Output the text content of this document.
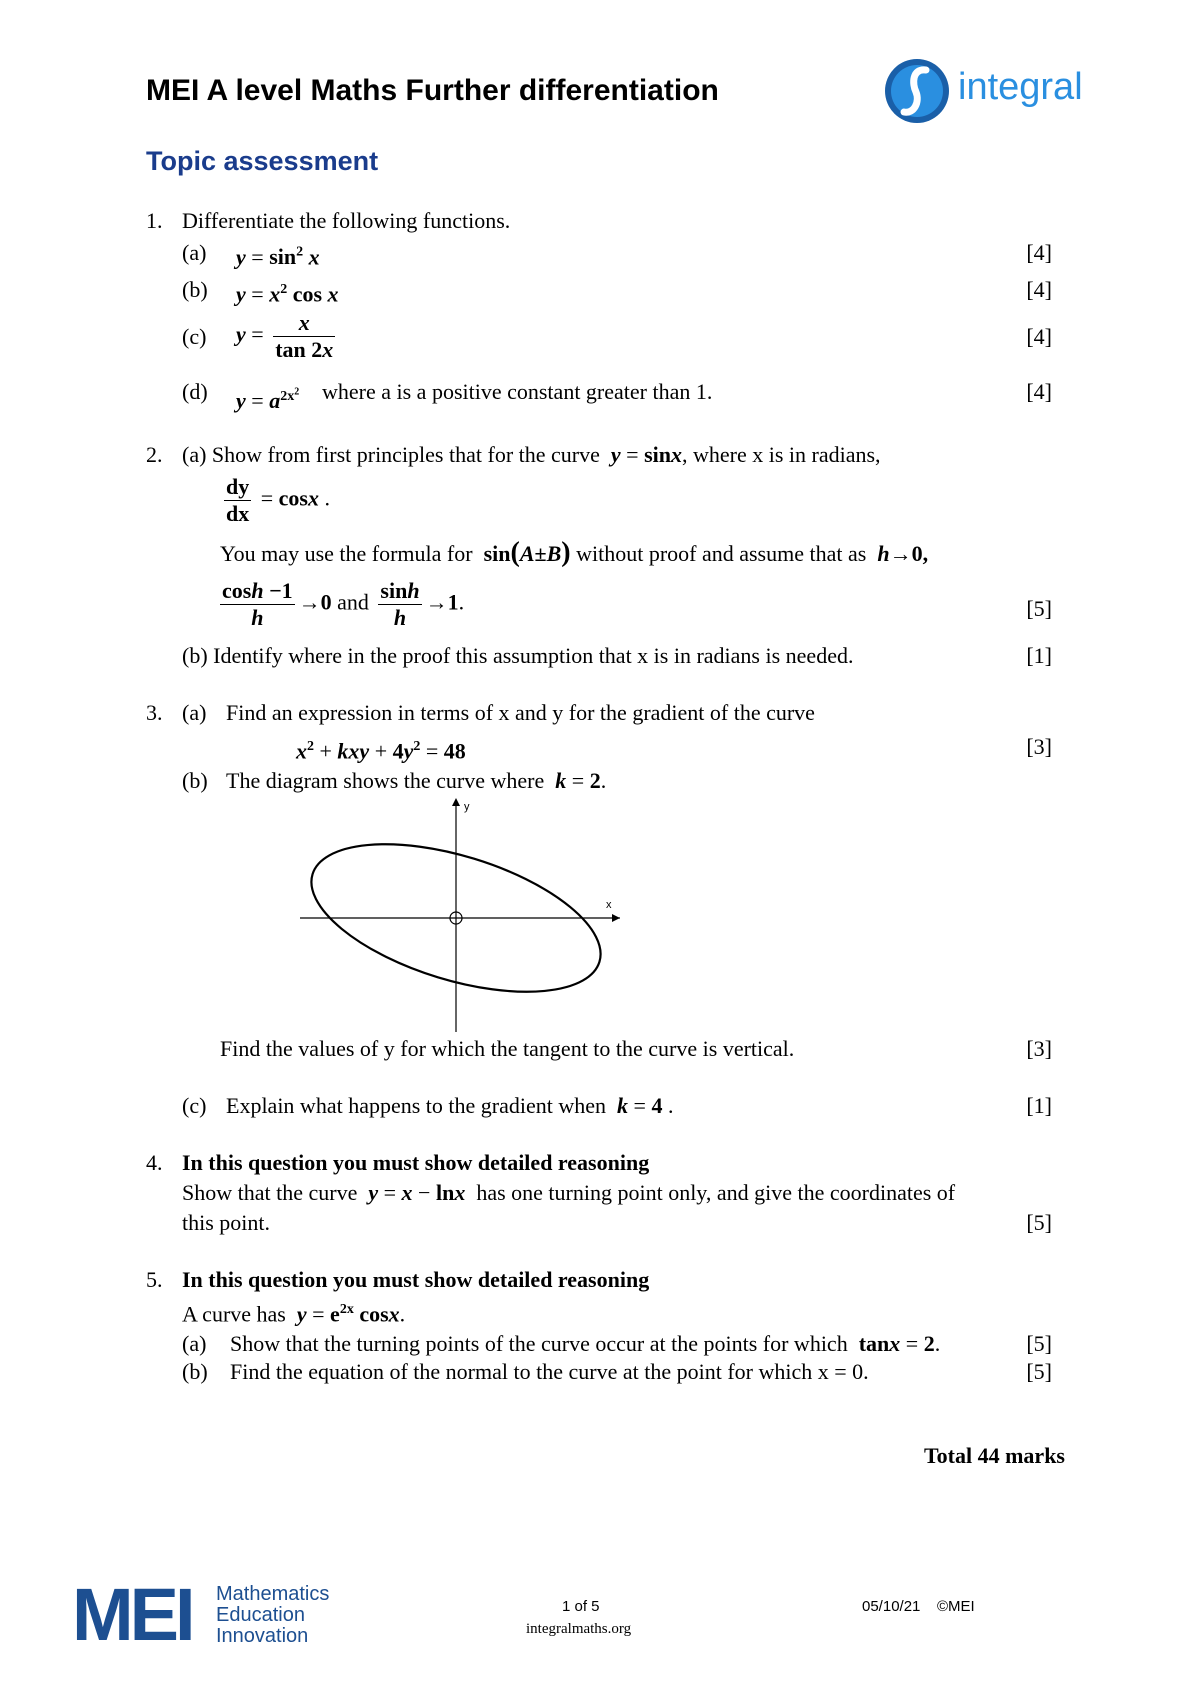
MEI A level Maths Further differentiation	integral
Topic assessment
1. Differentiate the following functions.
(a) $y = \sin^2 x$	[4]
(b) $y = x^2$ cos x	[4]
(c) $y = \frac{x}{\tan 2x}$	[4]
(d) $y = a^{2x^2}$ where a is a positive constant greater than 1.	[4]
2. (a) Show from first principles that for the curve y = sinx, where x is in radians,
$\frac{dy}{dx} = \cos x$ .
You may use the formula for sin(A±B) without proof and assume that as h→0,
$\frac{\cosh -1}{h} \to 0$ and $\frac{\sinh}{h} \to 1$.	[5]
(b) Identify where in the proof this assumption that x is in radians is needed.	[1]
3. (a) Find an expression in terms of x and y for the gradient of the curve
$x^2$ + kxy + $4y^2 = 48$	[3]
(b) The diagram shows the curve where k = 2.
y
x
Find the values of y for which the tangent to the curve is vertical.	[3]
(c) Explain what happens to the gradient when k = 4 .	[1]
4. In this question you must show detailed reasoning
Show that the curve y = x − lnx has one turning point only, and give the coordinates of
this point.	[5]
5. In this question you must show detailed reasoning
A curve has $y = e^{2x}$ cosx.
(a) Show that the turning points of the curve occur at the points for which tanx = 2.	[5]
(b) Find the equation of the normal to the curve at the point for which x = 0.	[5]
Total 44 marks
MEI Mathematics
Education
Innovation
1 of 5
integralmaths.org
05/10/21 ©MEI
